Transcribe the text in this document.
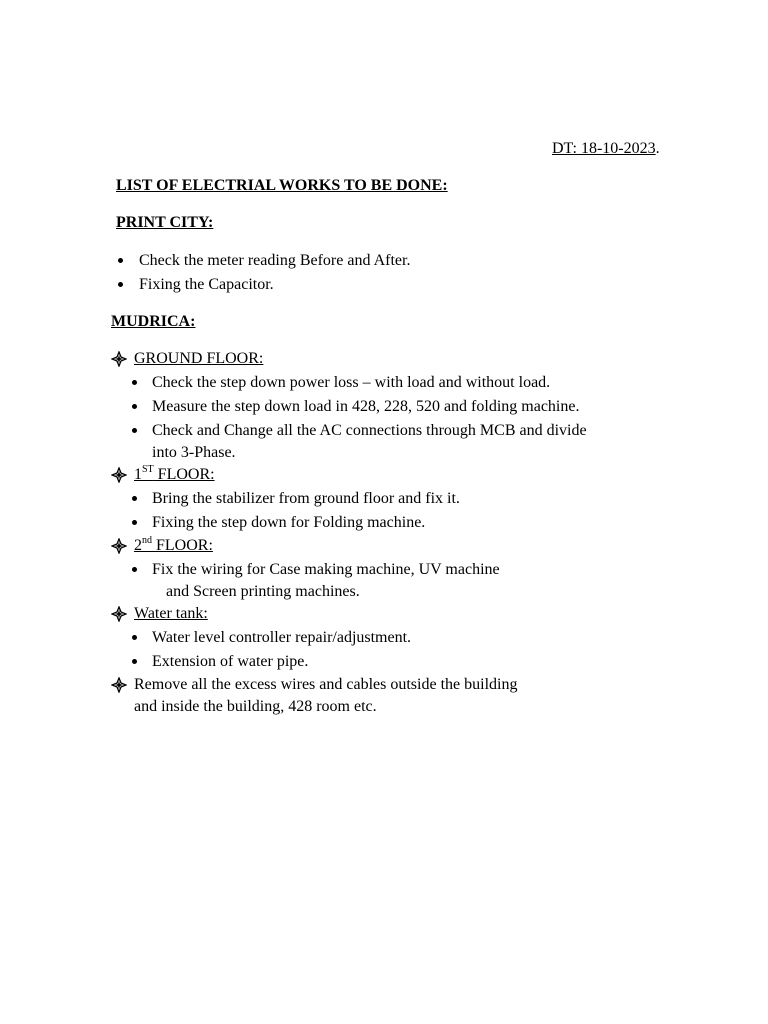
DT: 18-10-2023.
LIST OF ELECTRIAL WORKS TO BE DONE:
PRINT CITY:
Check the meter reading Before and After.
Fixing the Capacitor.
MUDRICA:
GROUND FLOOR:
Check the step down power loss – with load and without load.
Measure the step down load in 428, 228, 520 and folding machine.
Check and Change all the AC connections through MCB and divide
into 3-Phase.
1ST FLOOR:
Bring the stabilizer from ground floor and fix it.
Fixing the step down for Folding machine.
2nd FLOOR:
Fix the wiring for Case making machine, UV machine
and Screen printing machines.
Water tank:
Water level controller repair/adjustment.
Extension of water pipe.
Remove all the excess wires and cables outside the building
and inside the building, 428 room etc.
